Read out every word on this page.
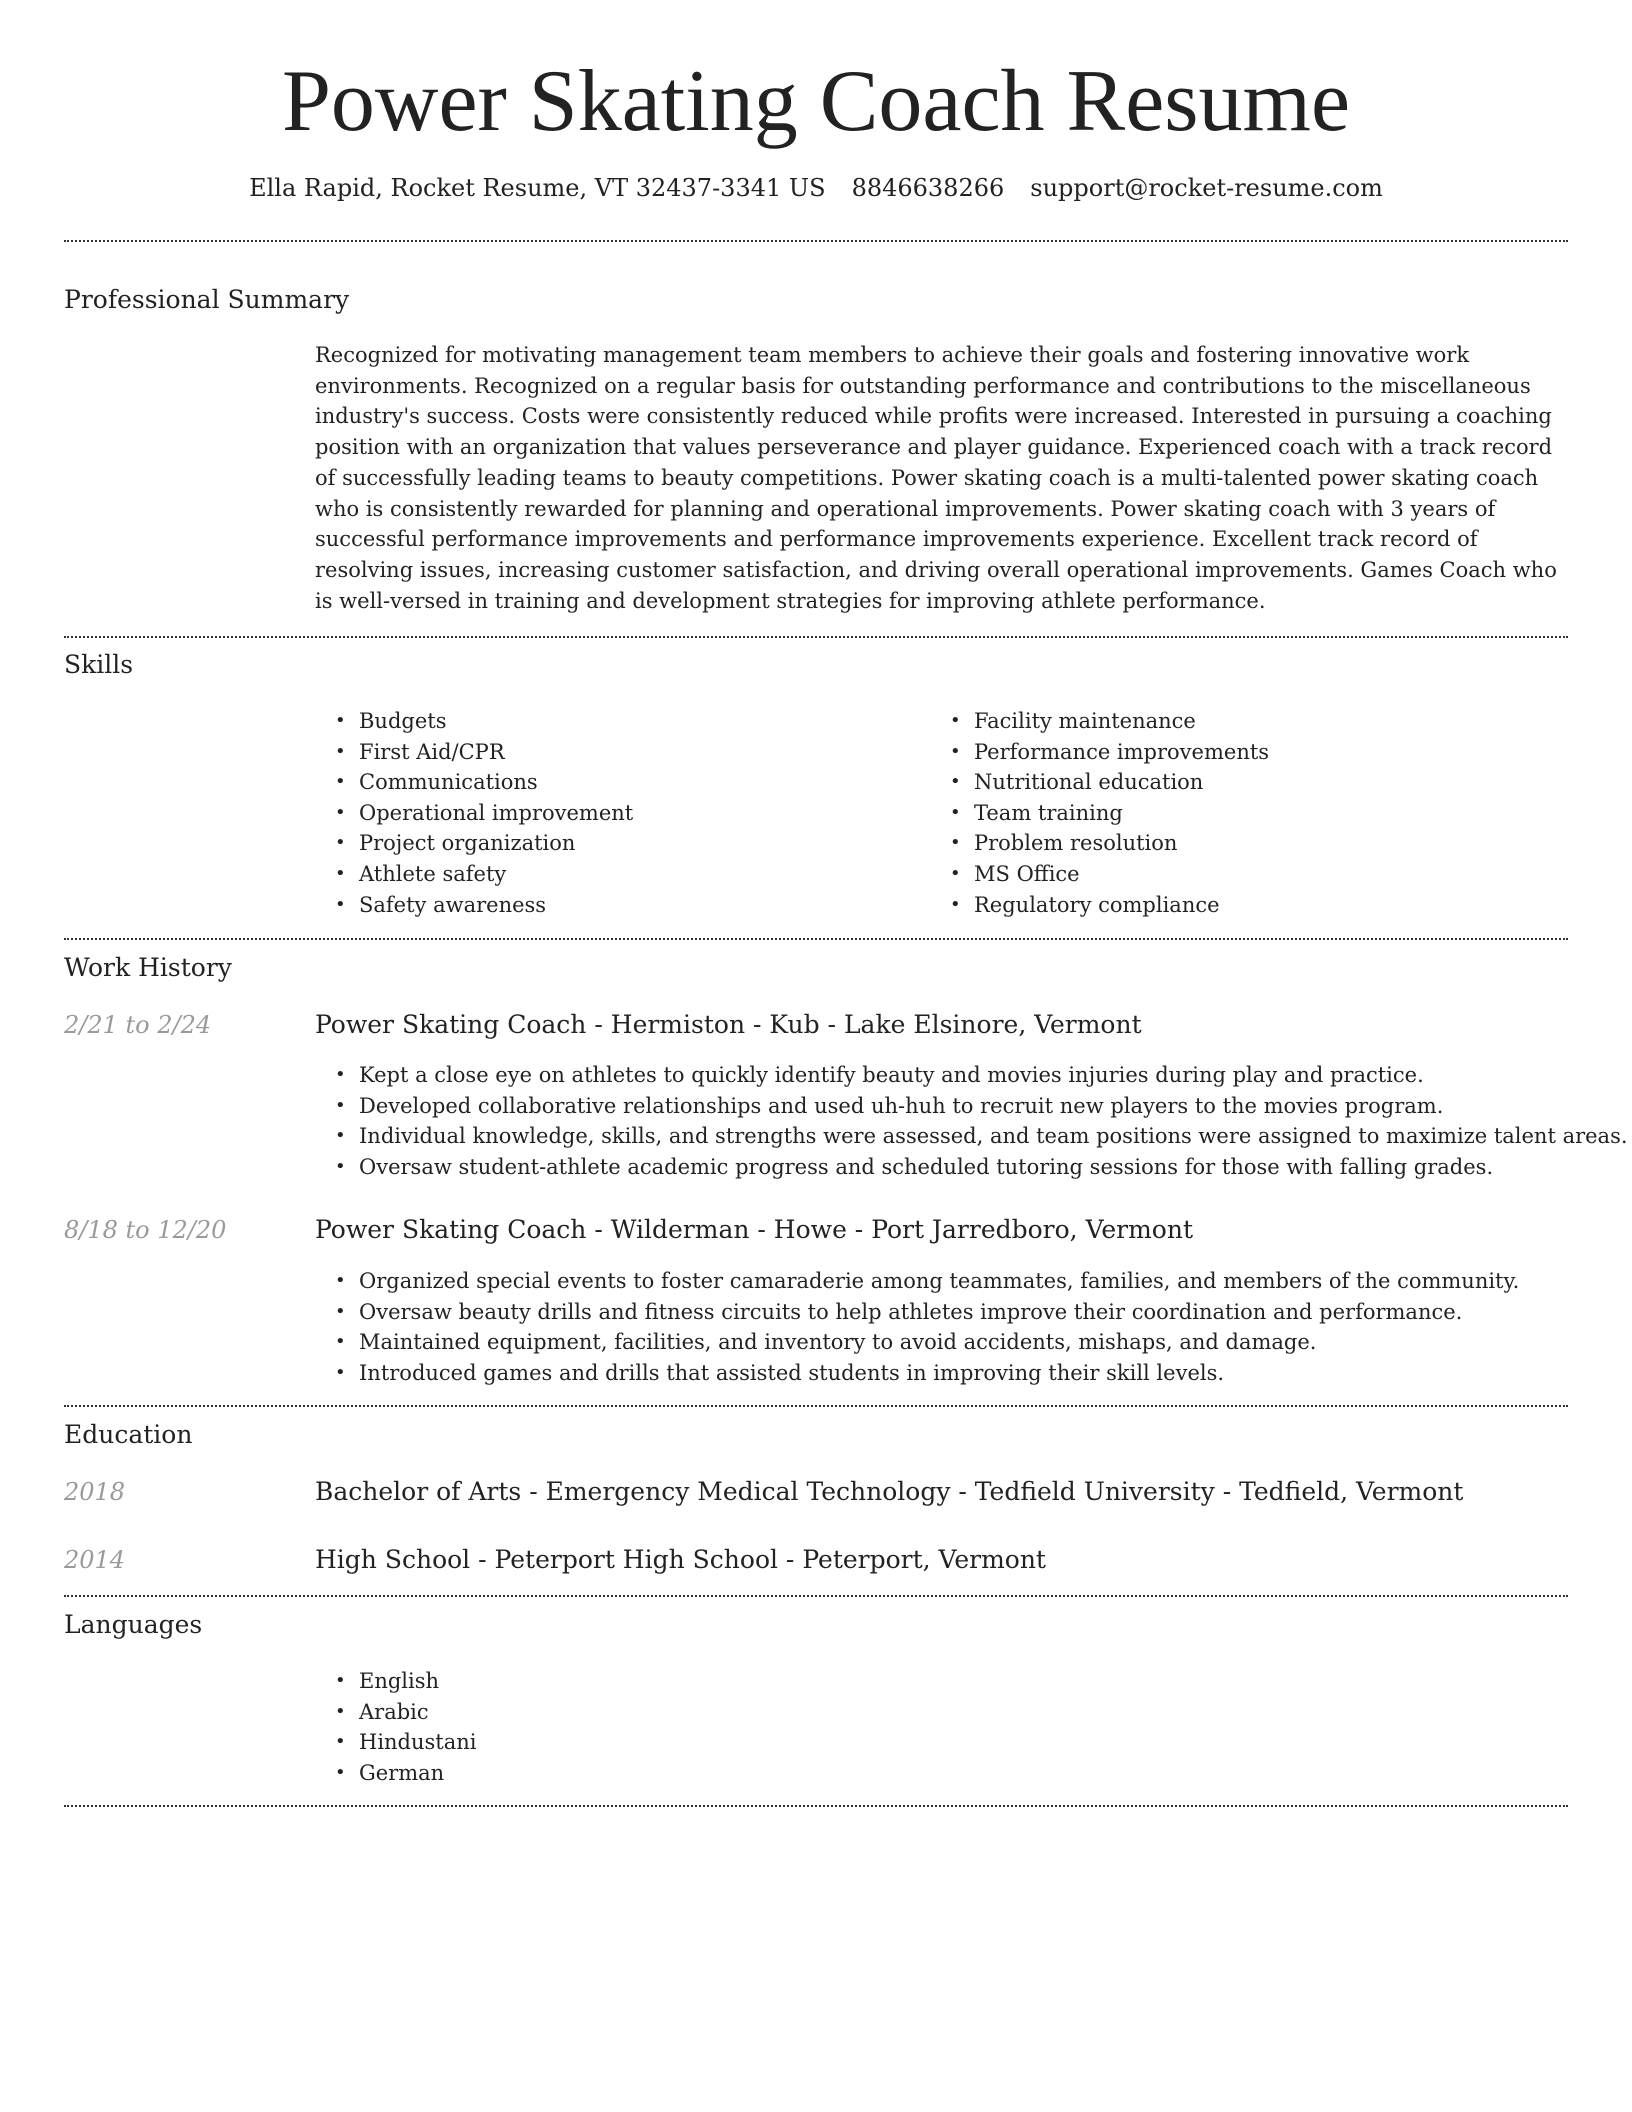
Power Skating Coach Resume
Ella Rapid, Rocket Resume, VT 32437-3341 US 8846638266 support@rocket-resume.com
Professional Summary
Recognized for motivating management team members to achieve their goals and fostering innovative work environments. Recognized on a regular basis for outstanding performance and contributions to the miscellaneous industry's success. Costs were consistently reduced while profits were increased. Interested in pursuing a coaching position with an organization that values perseverance and player guidance. Experienced coach with a track record of successfully leading teams to beauty competitions. Power skating coach is a multi-talented power skating coach who is consistently rewarded for planning and operational improvements. Power skating coach with 3 years of successful performance improvements and performance improvements experience. Excellent track record of resolving issues, increasing customer satisfaction, and driving overall operational improvements. Games Coach who is well-versed in training and development strategies for improving athlete performance.
Skills
• Budgets
• First Aid/CPR
• Communications
• Operational improvement
• Project organization
• Athlete safety
• Safety awareness
• Facility maintenance
• Performance improvements
• Nutritional education
• Team training
• Problem resolution
• MS Office
• Regulatory compliance
Work History
2/21 to 2/24	Power Skating Coach - Hermiston - Kub - Lake Elsinore, Vermont
• Kept a close eye on athletes to quickly identify beauty and movies injuries during play and practice.
• Developed collaborative relationships and used uh-huh to recruit new players to the movies program.
• Individual knowledge, skills, and strengths were assessed, and team positions were assigned to maximize talent areas.
• Oversaw student-athlete academic progress and scheduled tutoring sessions for those with falling grades.
8/18 to 12/20	Power Skating Coach - Wilderman - Howe - Port Jarredboro, Vermont
• Organized special events to foster camaraderie among teammates, families, and members of the community.
• Oversaw beauty drills and fitness circuits to help athletes improve their coordination and performance.
• Maintained equipment, facilities, and inventory to avoid accidents, mishaps, and damage.
• Introduced games and drills that assisted students in improving their skill levels.
Education
2018	Bachelor of Arts - Emergency Medical Technology - Tedfield University - Tedfield, Vermont
2014	High School - Peterport High School - Peterport, Vermont
Languages
• English
• Arabic
• Hindustani
• German
